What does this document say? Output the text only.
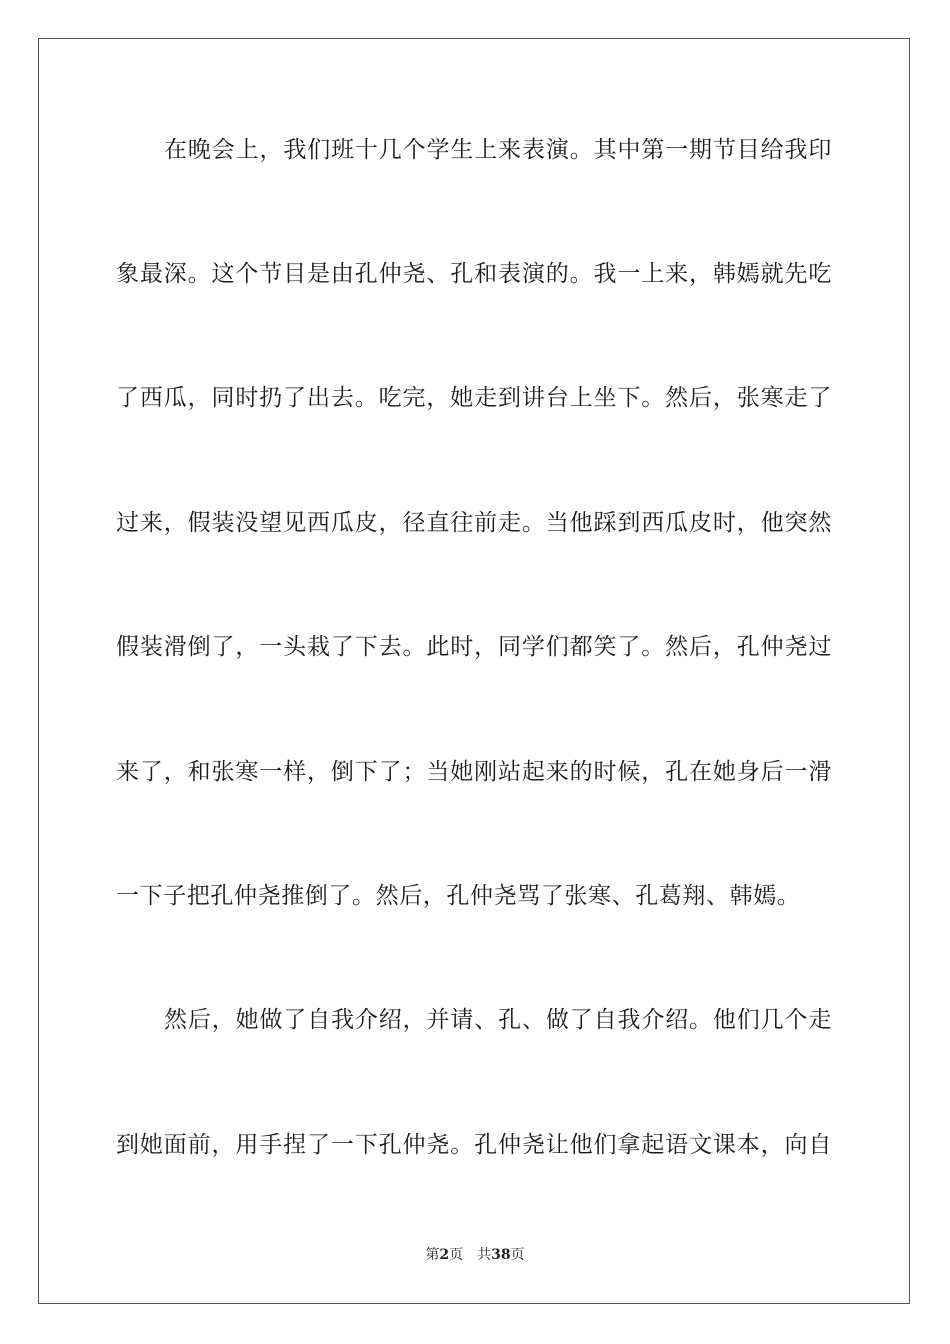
在晚会上，我们班十几个学生上来表演。其中第一期节目给我印
象最深。这个节目是由孔仲尧、孔和表演的。我一上来，韩嫣就先吃
了西瓜，同时扔了出去。吃完，她走到讲台上坐下。然后，张寒走了
过来，假装没望见西瓜皮，径直往前走。当他踩到西瓜皮时，他突然
假装滑倒了，一头栽了下去。此时，同学们都笑了。然后，孔仲尧过
来了，和张寒一样，倒下了；当她刚站起来的时候，孔在她身后一滑
一下子把孔仲尧推倒了。然后，孔仲尧骂了张寒、孔葛翔、韩嫣。
然后，她做了自我介绍，并请、孔、做了自我介绍。他们几个走
到她面前，用手捏了一下孔仲尧。孔仲尧让他们拿起语文课本，向自
第2页 共38页
